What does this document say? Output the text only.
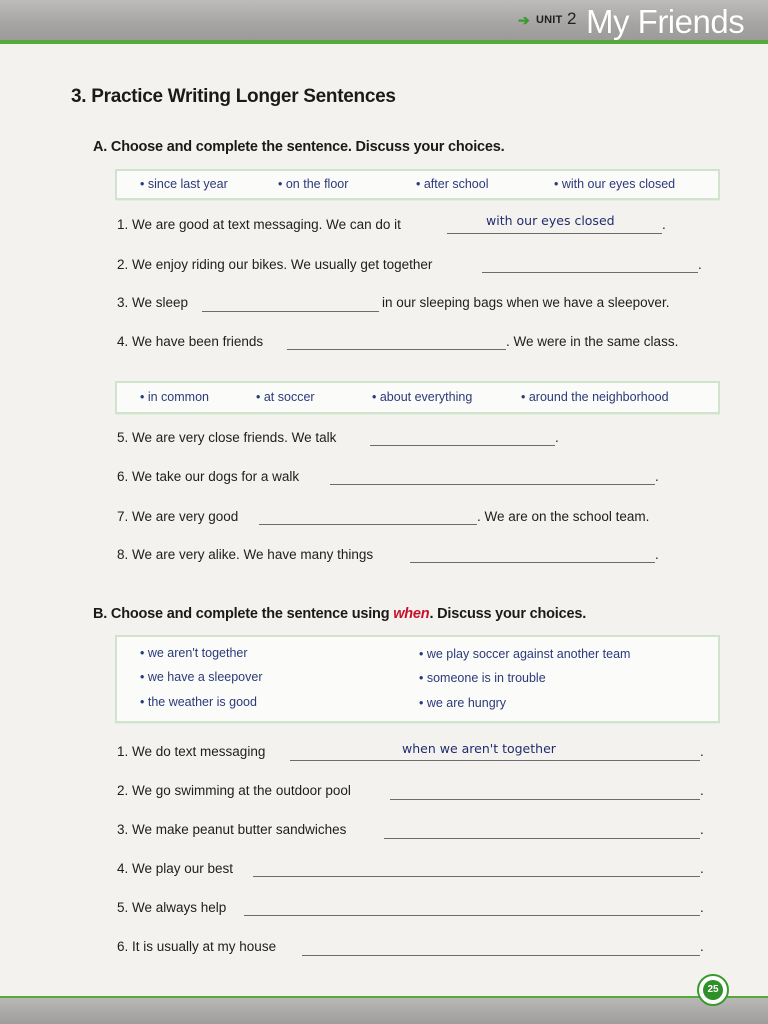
➔ UNIT 2 My Friends
3. Practice Writing Longer Sentences
A. Choose and complete the sentence. Discuss your choices.
• since last year	• on the floor	• after school	• with our eyes closed
1. We are good at text messaging. We can do it	with our eyes closed	.
2. We enjoy riding our bikes. We usually get together	.
3. We sleep	in our sleeping bags when we have a sleepover.
4. We have been friends	. We were in the same class.
• in common	• at soccer	• about everything	• around the neighborhood
5. We are very close friends. We talk	.
6. We take our dogs for a walk	.
7. We are very good	. We are on the school team.
8. We are very alike. We have many things	.
B. Choose and complete the sentence using when. Discuss your choices.
• we aren't together	• we play soccer against another team
• we have a sleepover	• someone is in trouble
• the weather is good	• we are hungry
1. We do text messaging	when we aren't together	.
2. We go swimming at the outdoor pool	.
3. We make peanut butter sandwiches	.
4. We play our best	.
5. We always help	.
6. It is usually at my house	.
25
